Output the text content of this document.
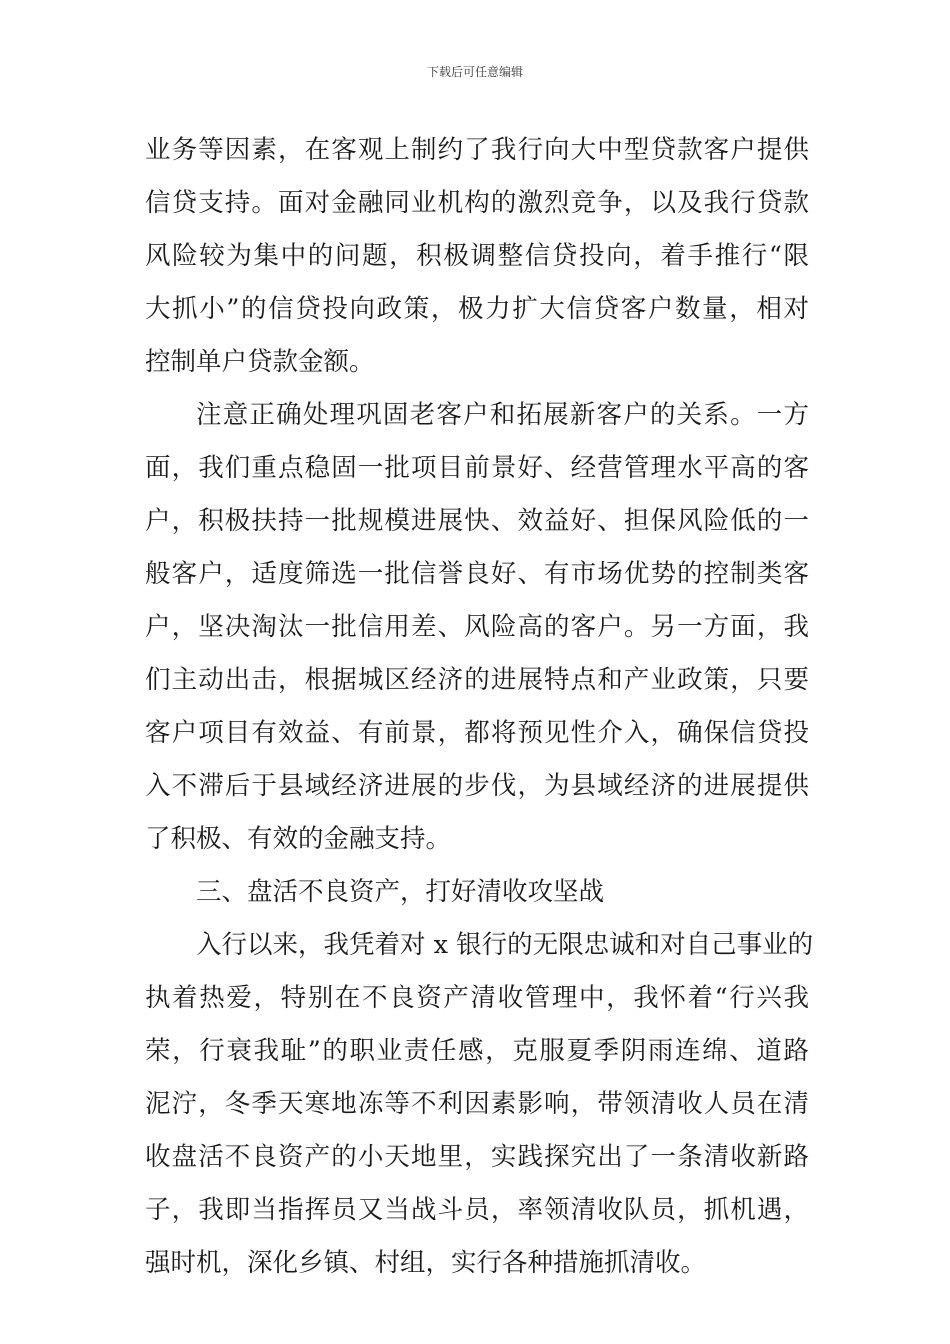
下载后可任意编辑

业务等因素，在客观上制约了我行向大中型贷款客户提供
信贷支持。面对金融同业机构的激烈竞争，以及我行贷款
风险较为集中的问题，积极调整信贷投向，着手推行“限
大抓小”的信贷投向政策，极力扩大信贷客户数量，相对
控制单户贷款金额。

注意正确处理巩固老客户和拓展新客户的关系。一方
面，我们重点稳固一批项目前景好、经营管理水平高的客
户，积极扶持一批规模进展快、效益好、担保风险低的一
般客户，适度筛选一批信誉良好、有市场优势的控制类客
户，坚决淘汰一批信用差、风险高的客户。另一方面，我
们主动出击，根据城区经济的进展特点和产业政策，只要
客户项目有效益、有前景，都将预见性介入，确保信贷投
入不滞后于县域经济进展的步伐，为县域经济的进展提供
了积极、有效的金融支持。

三、盘活不良资产，打好清收攻坚战

入行以来，我凭着对 x 银行的无限忠诚和对自己事业的
执着热爱，特别在不良资产清收管理中，我怀着“行兴我
荣，行衰我耻”的职业责任感，克服夏季阴雨连绵、道路
泥泞，冬季天寒地冻等不利因素影响，带领清收人员在清
收盘活不良资产的小天地里，实践探究出了一条清收新路
子，我即当指挥员又当战斗员，率领清收队员，抓机遇，
强时机，深化乡镇、村组，实行各种措施抓清收。
